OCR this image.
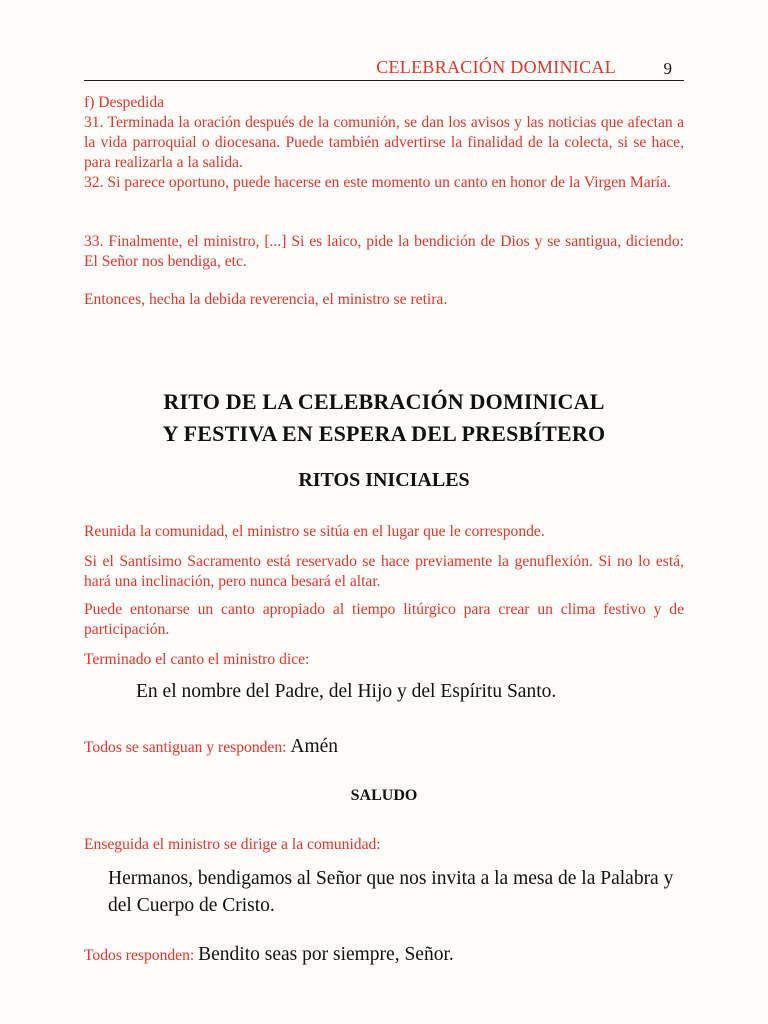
CELEBRACIÓN DOMINICAL	9

f) Despedida

31. Terminada la oración después de la comunión, se dan los avisos y las noticias que afectan a la vida parroquial o diocesana. Puede también advertirse la finalidad de la colecta, si se hace, para realizarla a la salida.

32. Si parece oportuno, puede hacerse en este momento un canto en honor de la Virgen María.

33. Finalmente, el ministro, [...] Si es laico, pide la bendición de Dios y se santigua, diciendo: El Señor nos bendiga, etc.

Entonces, hecha la debida reverencia, el ministro se retira.

RITO DE LA CELEBRACIÓN DOMINICAL
Y FESTIVA EN ESPERA DEL PRESBÍTERO
RITOS INICIALES

Reunida la comunidad, el ministro se sitúa en el lugar que le corresponde.

Si el Santísimo Sacramento está reservado se hace previamente la genuflexión. Si no lo está, hará una inclinación, pero nunca besará el altar.

Puede entonarse un canto apropiado al tiempo litúrgico para crear un clima festivo y de participación.

Terminado el canto el ministro dice:

En el nombre del Padre, del Hijo y del Espíritu Santo.
Todos se santiguan y responden: Amén
SALUDO

Enseguida el ministro se dirige a la comunidad:

Hermanos, bendigamos al Señor que nos invita a la mesa de la Palabra y del Cuerpo de Cristo.
Todos responden: Bendito seas por siempre, Señor.
